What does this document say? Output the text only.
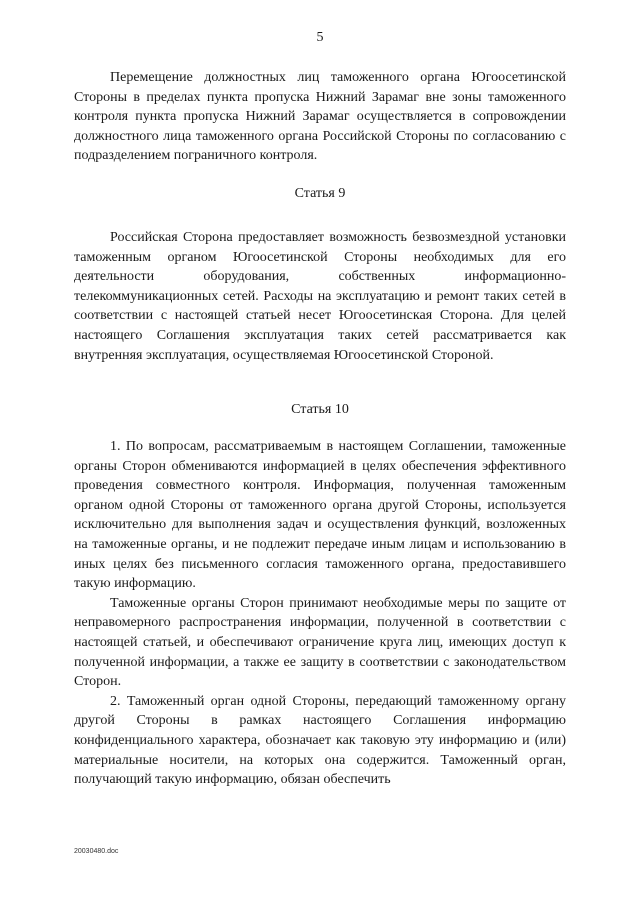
5

Перемещение должностных лиц таможенного органа Югоосетинской Стороны в пределах пункта пропуска Нижний Зарамаг вне зоны таможенного контроля пункта пропуска Нижний Зарамаг осуществляется в сопровождении должностного лица таможенного органа Российской Стороны по согласованию с подразделением пограничного контроля.

Статья 9

Российская Сторона предоставляет возможность безвозмездной установки таможенным органом Югоосетинской Стороны необходимых для его деятельности оборудования, собственных информационно-телекоммуникационных сетей. Расходы на эксплуатацию и ремонт таких сетей в соответствии с настоящей статьей несет Югоосетинская Сторона. Для целей настоящего Соглашения эксплуатация таких сетей рассматривается как внутренняя эксплуатация, осуществляемая Югоосетинской Стороной.

Статья 10

1. По вопросам, рассматриваемым в настоящем Соглашении, таможенные органы Сторон обмениваются информацией в целях обеспечения эффективного проведения совместного контроля. Информация, полученная таможенным органом одной Стороны от таможенного органа другой Стороны, используется исключительно для выполнения задач и осуществления функций, возложенных на таможенные органы, и не подлежит передаче иным лицам и использованию в иных целях без письменного согласия таможенного органа, предоставившего такую информацию.

Таможенные органы Сторон принимают необходимые меры по защите от неправомерного распространения информации, полученной в соответствии с настоящей статьей, и обеспечивают ограничение круга лиц, имеющих доступ к полученной информации, а также ее защиту в соответствии с законодательством Сторон.

2. Таможенный орган одной Стороны, передающий таможенному органу другой Стороны в рамках настоящего Соглашения информацию конфиденциального характера, обозначает как таковую эту информацию и (или) материальные носители, на которых она содержится. Таможенный орган, получающий такую информацию, обязан обеспечить

20030480.doc
